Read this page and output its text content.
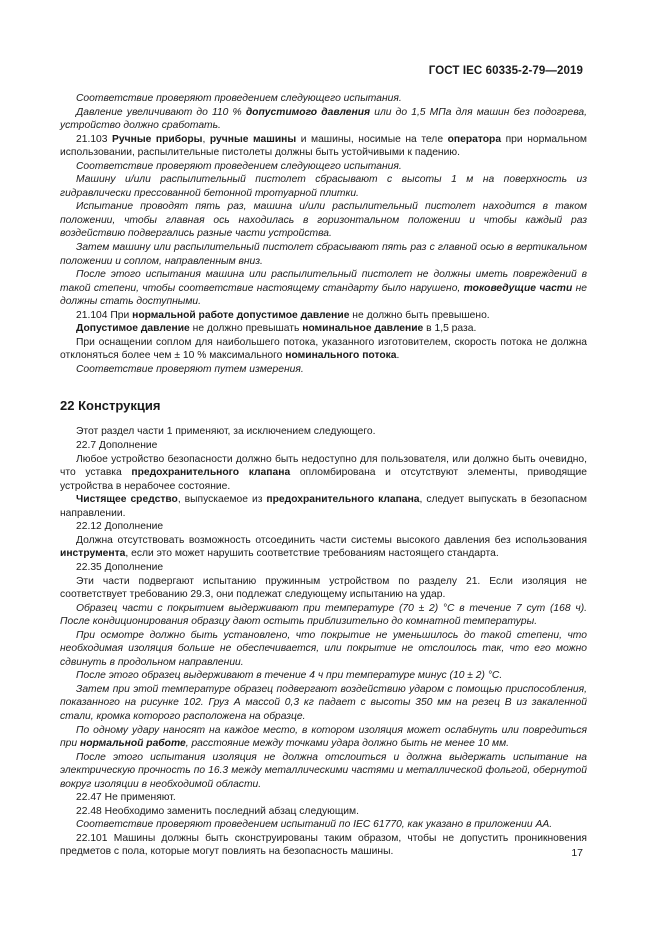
ГОСТ IEC 60335-2-79—2019

Соответствие проверяют проведением следующего испытания.

Давление увеличивают до 110 % допустимого давления или до 1,5 МПа для машин без подогрева, устройство должно сработать.

21.103 Ручные приборы, ручные машины и машины, носимые на теле оператора при нормальном использовании, распылительные пистолеты должны быть устойчивыми к падению.

Соответствие проверяют проведением следующего испытания.

Машину и/или распылительный пистолет сбрасывают с высоты 1 м на поверхность из гидравлически прессованной бетонной тротуарной плитки.

Испытание проводят пять раз, машина и/или распылительный пистолет находится в таком положении, чтобы главная ось находилась в горизонтальном положении и чтобы каждый раз воздействию подвергались разные части устройства.

Затем машину или распылительный пистолет сбрасывают пять раз с главной осью в вертикальном положении и соплом, направленным вниз.

После этого испытания машина или распылительный пистолет не должны иметь повреждений в такой степени, чтобы соответствие настоящему стандарту было нарушено, токоведущие части не должны стать доступными.

21.104 При нормальной работе допустимое давление не должно быть превышено.

Допустимое давление не должно превышать номинальное давление в 1,5 раза.

При оснащении соплом для наибольшего потока, указанного изготовителем, скорость потока не должна отклоняться более чем ± 10 % максимального номинального потока.

Соответствие проверяют путем измерения.

22 Конструкция

Этот раздел части 1 применяют, за исключением следующего.

22.7 Дополнение

Любое устройство безопасности должно быть недоступно для пользователя, или должно быть очевидно, что уставка предохранительного клапана опломбирована и отсутствуют элементы, приводящие устройства в нерабочее состояние.

Чистящее средство, выпускаемое из предохранительного клапана, следует выпускать в безопасном направлении.

22.12 Дополнение

Должна отсутствовать возможность отсоединить части системы высокого давления без использования инструмента, если это может нарушить соответствие требованиям настоящего стандарта.

22.35 Дополнение

Эти части подвергают испытанию пружинным устройством по разделу 21. Если изоляция не соответствует требованию 29.3, они подлежат следующему испытанию на удар.

Образец части с покрытием выдерживают при температуре (70 ± 2) °С в течение 7 сут (168 ч). После кондиционирования образцу дают остыть приблизительно до комнатной температуры.

При осмотре должно быть установлено, что покрытие не уменьшилось до такой степени, что необходимая изоляция больше не обеспечивается, или покрытие не отслоилось так, что его можно сдвинуть в продольном направлении.

После этого образец выдерживают в течение 4 ч при температуре минус (10 ± 2) °С.

Затем при этой температуре образец подвергают воздействию ударом с помощью приспособления, показанного на рисунке 102. Груз А массой 0,3 кг падает с высоты 350 мм на резец В из закаленной стали, кромка которого расположена на образце.

По одному удару наносят на каждое место, в котором изоляция может ослабнуть или повредиться при нормальной работе, расстояние между точками удара должно быть не менее 10 мм.

После этого испытания изоляция не должна отслоиться и должна выдержать испытание на электрическую прочность по 16.3 между металлическими частями и металлической фольгой, обернутой вокруг изоляции в необходимой области.

22.47 Не применяют.

22.48 Необходимо заменить последний абзац следующим.

Соответствие проверяют проведением испытаний по IEC 61770, как указано в приложении АА.

22.101 Машины должны быть сконструированы таким образом, чтобы не допустить проникновения предметов с пола, которые могут повлиять на безопасность машины.	17
